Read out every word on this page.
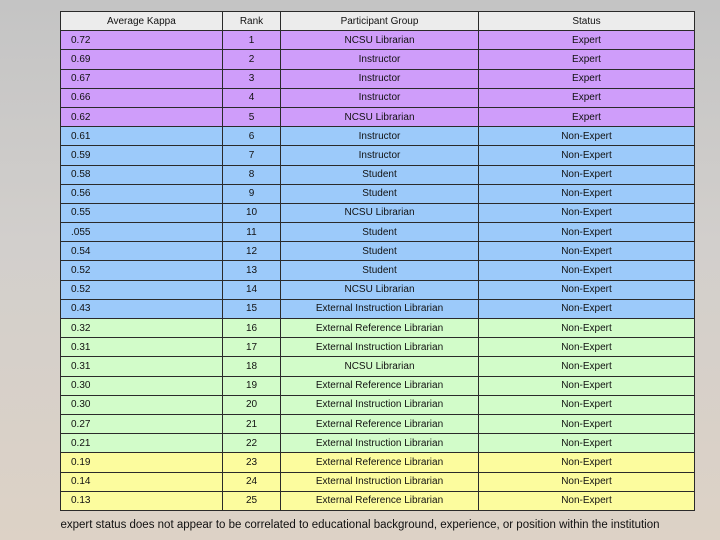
Average Kappa	Rank	Participant Group	Status
0.72	1	NCSU Librarian	Expert
0.69	2	Instructor	Expert
0.67	3	Instructor	Expert
0.66	4	Instructor	Expert
0.62	5	NCSU Librarian	Expert
0.61	6	Instructor	Non-Expert
0.59	7	Instructor	Non-Expert
0.58	8	Student	Non-Expert
0.56	9	Student	Non-Expert
0.55	10	NCSU Librarian	Non-Expert
.055	11	Student	Non-Expert
0.54	12	Student	Non-Expert
0.52	13	Student	Non-Expert
0.52	14	NCSU Librarian	Non-Expert
0.43	15	External Instruction Librarian	Non-Expert
0.32	16	External Reference Librarian	Non-Expert
0.31	17	External Instruction Librarian	Non-Expert
0.31	18	NCSU Librarian	Non-Expert
0.30	19	External Reference Librarian	Non-Expert
0.30	20	External Instruction Librarian	Non-Expert
0.27	21	External Reference Librarian	Non-Expert
0.21	22	External Instruction Librarian	Non-Expert
0.19	23	External Reference Librarian	Non-Expert
0.14	24	External Instruction Librarian	Non-Expert
0.13	25	External Reference Librarian	Non-Expert
expert status does not appear to be correlated to educational background, experience, or position within the institution
